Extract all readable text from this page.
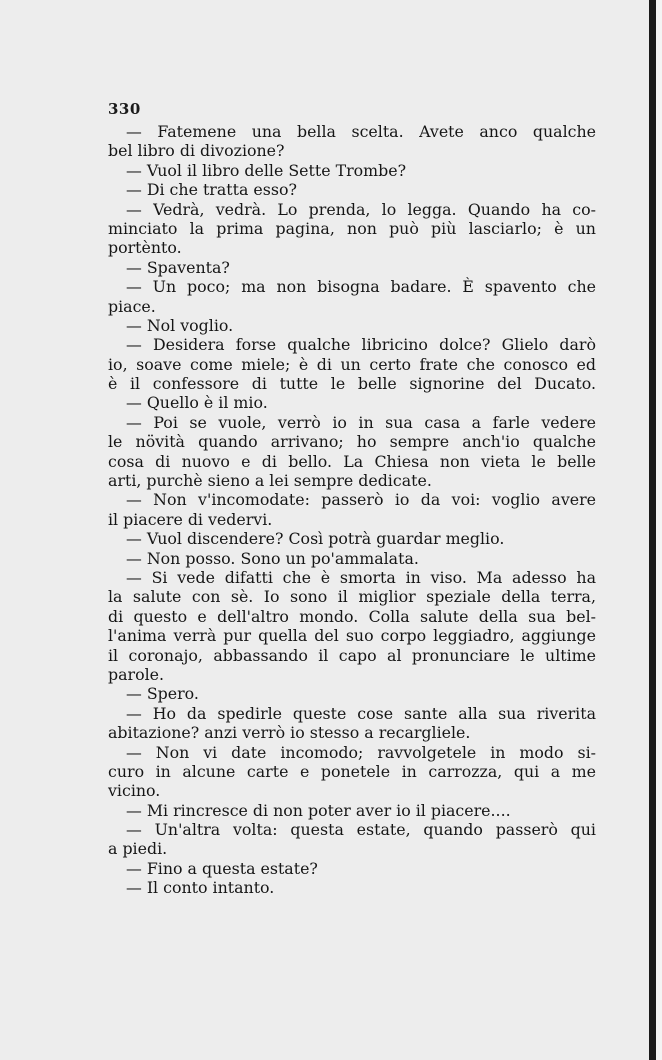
330
— Fatemene una bella scelta. Avete anco qualche
bel libro di divozione?
— Vuol il libro delle Sette Trombe?
— Di che tratta esso?
— Vedrà, vedrà. Lo prenda, lo legga. Quando ha co-
minciato la prima pagina, non può più lasciarlo; è un
portènto.
— Spaventa?
— Un poco; ma non bisogna badare. È spavento che
piace.
— Nol voglio.
— Desidera forse qualche libricino dolce? Glielo darò
io, soave come miele; è di un certo frate che conosco ed
è il confessore di tutte le belle signorine del Ducato.
— Quello è il mio.
— Poi se vuole, verrò io in sua casa a farle vedere
le növità quando arrivano; ho sempre anch'io qualche
cosa di nuovo e di bello. La Chiesa non vieta le belle
arti, purchè sieno a lei sempre dedicate.
— Non v'incomodate: passerò io da voi: voglio avere
il piacere di vedervi.
— Vuol discendere? Così potrà guardar meglio.
— Non posso. Sono un po'ammalata.
— Si vede difatti che è smorta in viso. Ma adesso ha
la salute con sè. Io sono il miglior speziale della terra,
di questo e dell'altro mondo. Colla salute della sua bel-
l'anima verrà pur quella del suo corpo leggiadro, aggiunge
il coronajo, abbassando il capo al pronunciare le ultime
parole.
— Spero.
— Ho da spedirle queste cose sante alla sua riverita
abitazione? anzi verrò io stesso a recargliele.
— Non vi date incomodo; ravvolgetele in modo si-
curo in alcune carte e ponetele in carrozza, qui a me
vicino.
— Mi rincresce di non poter aver io il piacere....
— Un'altra volta: questa estate, quando passerò qui
a piedi.
— Fino a questa estate?
— Il conto intanto.
